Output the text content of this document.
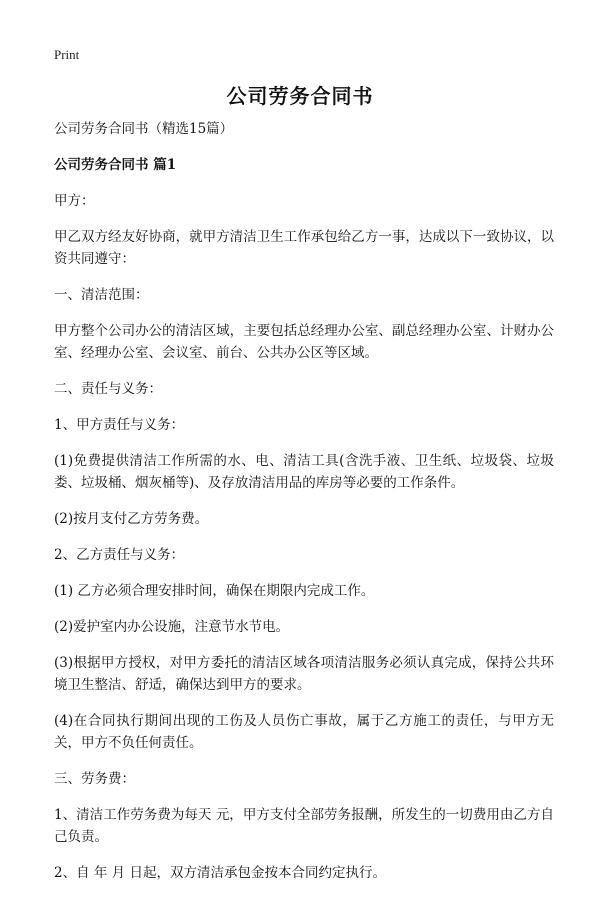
Print
公司劳务合同书

公司劳务合同书（精选15篇）

公司劳务合同书 篇1

甲方：

甲乙双方经友好协商，就甲方清洁卫生工作承包给乙方一事，达成以下一致协议，以资共同遵守：

一、清洁范围：

甲方整个公司办公的清洁区域，主要包括总经理办公室、副总经理办公室、计财办公室、经理办公室、会议室、前台、公共办公区等区域。

二、责任与义务：

1、甲方责任与义务：

(1)免费提供清洁工作所需的水、电、清洁工具(含洗手液、卫生纸、垃圾袋、垃圾娄、垃圾桶、烟灰桶等)、及存放清洁用品的库房等必要的工作条件。

(2)按月支付乙方劳务费。

2、乙方责任与义务：

(1) 乙方必须合理安排时间，确保在期限内完成工作。

(2)爱护室内办公设施，注意节水节电。

(3)根据甲方授权，对甲方委托的清洁区域各项清洁服务必须认真完成，保持公共环境卫生整洁、舒适，确保达到甲方的要求。

(4)在合同执行期间出现的工伤及人员伤亡事故，属于乙方施工的责任，与甲方无关，甲方不负任何责任。

三、劳务费：

1、清洁工作劳务费为每天 元，甲方支付全部劳务报酬，所发生的一切费用由乙方自己负责。

2、自 年 月 日起，双方清洁承包金按本合同约定执行。
